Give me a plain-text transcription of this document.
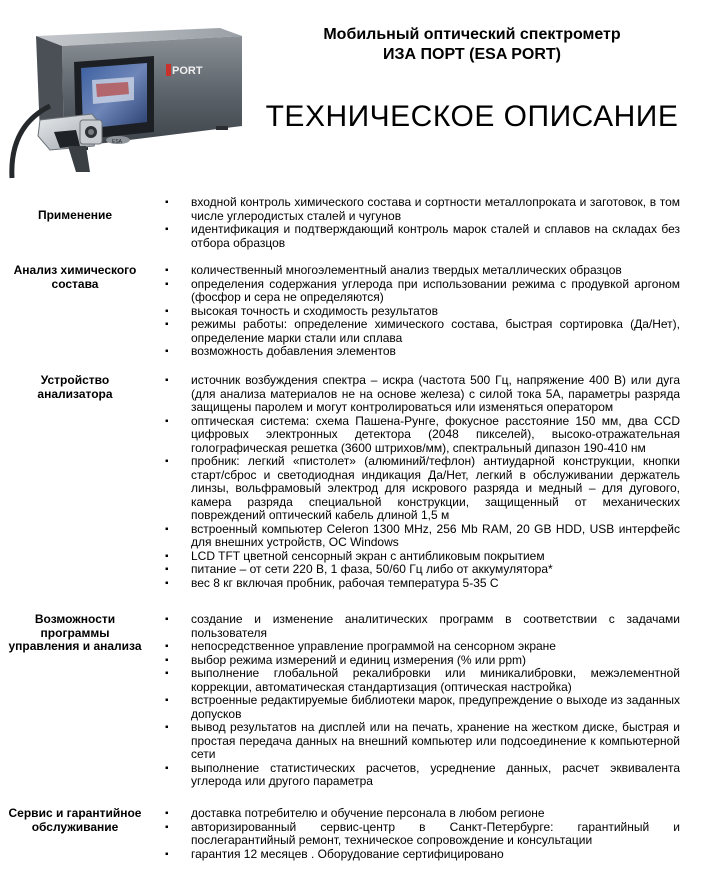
PORT
ESA
Мобильный оптический спектрометр
ИЗА ПОРТ (ESA PORT)
ТЕХНИЧЕСКОЕ ОПИСАНИЕ
Применение
▪ входной контроль химического состава и сортности металлопроката и заготовок, в том числе углеродистых сталей и чугунов
▪ идентификация и подтверждающий контроль марок сталей и сплавов на складах без отбора образцов
Анализ химического состава
▪ количественный многоэлементный анализ твердых металлических образцов
▪ определения содержания углерода при использовании режима с продувкой аргоном (фосфор и сера не определяются)
▪ высокая точность и сходимость результатов
▪ режимы работы: определение химического состава, быстрая сортировка (Да/Нет), определение марки стали или сплава
▪ возможность добавления элементов
Устройство анализатора
▪ источник возбуждения спектра – искра (частота 500 Гц, напряжение 400 В) или дуга (для анализа материалов не на основе железа) с силой тока 5А, параметры разряда защищены паролем и могут контролироваться или изменяться оператором
▪ оптическая система: схема Пашена-Рунге, фокусное расстояние 150 мм, два CCD цифровых электронных детектора (2048 пикселей), высоко-отражательная голографическая решетка (3600 штрихов/мм), спектральный дипазон 190-410 нм
▪ пробник: легкий «пистолет» (алюминий/тефлон) антиударной конструкции, кнопки старт/сброс и светодиодная индикация Да/Нет, легкий в обслуживании держатель линзы, вольфрамовый электрод для искрового разряда и медный – для дугового, камера разряда специальной конструкции, защищенный от механических повреждений оптический кабель длиной 1,5 м
▪ встроенный компьютер Celeron 1300 MHz, 256 Mb RAM, 20 GB HDD, USB интерфейс для внешних устройств, ОС Windows
▪ LCD TFT цветной сенсорный экран с антибликовым покрытием
▪ питание – от сети 220 В, 1 фаза, 50/60 Гц либо от аккумулятора*
▪ вес 8 кг включая пробник, рабочая температура 5-35 С
Возможности программы управления и анализа
▪ создание и изменение аналитических программ в соответствии с задачами пользователя
▪ непосредственное управление программой на сенсорном экране
▪ выбор режима измерений и единиц измерения (% или ppm)
▪ выполнение глобальной рекалибровки или миникалибровки, межэлементной коррекции, автоматическая стандартизация (оптическая настройка)
▪ встроенные редактируемые библиотеки марок, предупреждение о выходе из заданных допусков
▪ вывод результатов на дисплей или на печать, хранение на жестком диске, быстрая и простая передача данных на внешний компьютер или подсоединение к компьютерной сети
▪ выполнение статистических расчетов, усреднение данных, расчет эквивалента углерода или другого параметра
Сервис и гарантийное обслуживание
▪ доставка потребителю и обучение персонала в любом регионе
▪ авторизированный сервис-центр в Санкт-Петербурге: гарантийный и послегарантийный ремонт, техническое сопровождение и консультации
▪ гарантия 12 месяцев . Оборудование сертифицировано
